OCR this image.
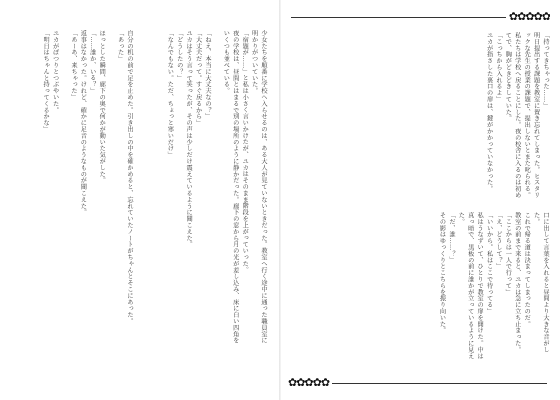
少女たちを順番に学校へ入らせるのは、ある大人が見ていないときだった。教室へ行く途中に通った職員室に明かりがついていた。

「宿題が……」と私は小さく言いかけたが、ユカはそのまま階段を上がっていった。

夜の学校は、昼間とはまるで別の場所のように静かだった。廊下の窓から月の光が差し込み、床に白い四角をいくつも並べている。

「ねえ、本当に大丈夫なの？」

「大丈夫だって。すぐ戻るから」

ユカはそう言って笑ったが、その声は少しだけ震えているように聞こえた。

「どうしたの？」

「なんでもない。ただ、ちょっと寒いだけ」

自分の机の前で足を止めた。引き出しの中を確かめると、忘れていたノートがちゃんとそこにあった。

「あった」

ほっとした瞬間、廊下の奥で何かが動いた気がした。

「……誰か、いる？」

返事はなかった。けれど、確かに足音のようなものが聞こえた。

「あーあ、来ちゃった」

ユカがぽつりとつぶやいた。

「明日はちゃんと持ってくるかな」

✿✿✿✿✿

「持ってきちゃった……」

明日提出する課題を教室に置き忘れてしまった。ヒスタリックな先生の授業の課題で、提出しないとまた叱られる。

私たちは学校へ戻ることにした。夜の校舎に入るのは初めてで、胸がどきどきしていた。

「こっちから入れるよ」

ユカが指さした裏口の扉は、鍵がかかっていなかった。

口に出して言葉を入れると昼間より大きな音がした。

これで帰る道は決まってしまったのだ。

教室の前まで来ると、ユカは急に立ち止まった。

「ここからは一人で行って」

「え、どうして？」

「いいから。私はここで待ってる」

私はうなずいて、ひとりで教室の扉を開けた。中は真っ暗で、黒板の前に誰かが立っているように見えた。

「だ、誰……？」

その影はゆっくりとこちらを振り向いた。

✿✿✿✿✿
